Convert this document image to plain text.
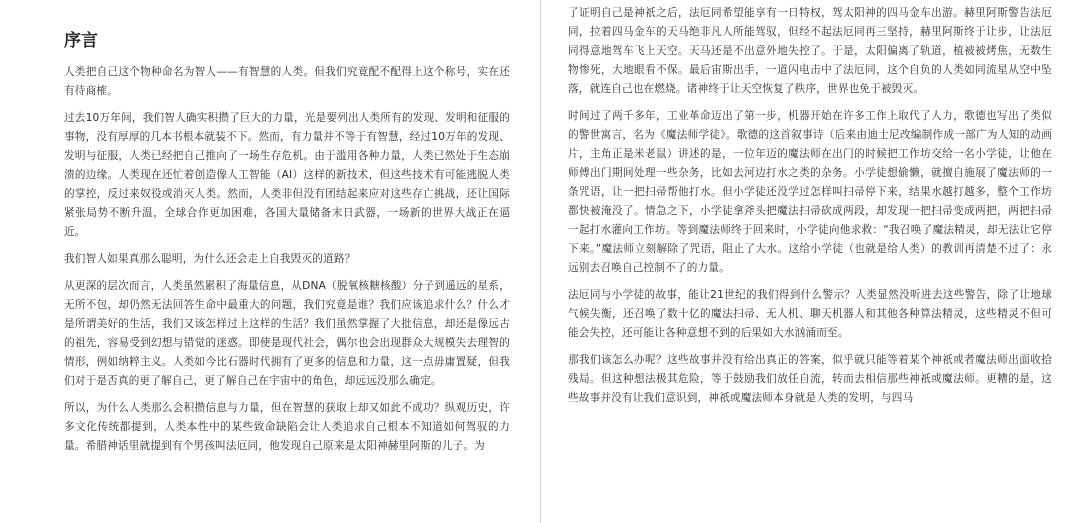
序言

人类把自己这个物种命名为智人——有智慧的人类。但我们究竟配不配得上这个称号，实在还有待商榷。

过去10万年间，我们智人确实积攒了巨大的力量，光是要列出人类所有的发现、发明和征服的事物，没有厚厚的几本书根本就装不下。然而，有力量并不等于有智慧，经过10万年的发现、发明与征服，人类已经把自己推向了一场生存危机。由于滥用各种力量，人类已然处于生态崩溃的边缘。人类现在还忙着创造像人工智能（AI）这样的新技术，但这些技术有可能逃脱人类的掌控，反过来奴役或消灭人类。然而，人类非但没有团结起来应对这些存亡挑战，还让国际紧张局势不断升温，全球合作更加困难，各国大量储备末日武器，一场新的世界大战正在逼近。

我们智人如果真那么聪明，为什么还会走上自我毁灭的道路？

从更深的层次而言，人类虽然累积了海量信息，从DNA（脱氧核糖核酸）分子到遥远的星系，无所不包，却仍然无法回答生命中最重大的问题，我们究竟是谁？我们应该追求什么？什么才是所谓美好的生活，我们又该怎样过上这样的生活？我们虽然掌握了大批信息，却还是像远古的祖先，容易受到幻想与错觉的迷惑。即使是现代社会，偶尔也会出现群众大规模失去理智的情形，例如纳粹主义。人类如今比石器时代拥有了更多的信息和力量，这一点毋庸置疑，但我们对于是否真的更了解自己，更了解自己在宇宙中的角色，却远远没那么确定。

所以，为什么人类那么会积攒信息与力量，但在智慧的获取上却又如此不成功？纵观历史，许多文化传统都提到，人类本性中的某些致命缺陷会让人类追求自己根本不知道如何驾驭的力量。希腊神话里就提到有个男孩叫法厄同，他发现自己原来是太阳神赫里阿斯的儿子。为

了证明自己是神祇之后，法厄同希望能享有一日特权，驾太阳神的四马金车出游。赫里阿斯警告法厄同，拉着四马金车的天马绝非凡人所能驾驭，但经不起法厄同再三坚持，赫里阿斯终于让步，让法厄同得意地驾车飞上天空。天马还是不出意外地失控了。于是，太阳偏离了轨道，植被被烤焦，无数生物惨死，大地眼看不保。最后宙斯出手，一道闪电击中了法厄同，这个自负的人类如同流星从空中坠落，就连自己也在燃烧。诸神终于让天空恢复了秩序，世界也免于被毁灭。

时间过了两千多年，工业革命迈出了第一步，机器开始在许多工作上取代了人力，歌德也写出了类似的警世寓言，名为《魔法师学徒》。歌德的这首叙事诗（后来由迪士尼改编制作成一部广为人知的动画片，主角正是米老鼠）讲述的是，一位年迈的魔法师在出门的时候把工作坊交给一名小学徒，让他在师傅出门期间处理一些杂务，比如去河边打水之类的杂务。小学徒想偷懒，就擅自施展了魔法师的一条咒语，让一把扫帚帮他打水。但小学徒还没学过怎样叫扫帚停下来，结果水越打越多，整个工作坊都快被淹没了。情急之下，小学徒拿斧头把魔法扫帚砍成两段，却发现一把扫帚变成两把，两把扫帚一起打水灌向工作坊。等到魔法师终于回来时，小学徒向他求救：“我召唤了魔法精灵，却无法让它停下来。”魔法师立刻解除了咒语，阻止了大水。这给小学徒（也就是给人类）的教训再清楚不过了：永远别去召唤自己控制不了的力量。

法厄同与小学徒的故事，能让21世纪的我们得到什么警示？人类显然没听进去这些警告，除了让地球气候失衡，还召唤了数十亿的魔法扫帚、无人机、聊天机器人和其他各种算法精灵，这些精灵不但可能会失控，还可能让各种意想不到的后果如大水汹涌而至。

那我们该怎么办呢？这些故事并没有给出真正的答案，似乎就只能等着某个神祇或者魔法师出面收拾残局。但这种想法极其危险，等于鼓励我们放任自流，转而去相信那些神祇或魔法师。更糟的是，这些故事并没有让我们意识到，神祇或魔法师本身就是人类的发明，与四马
